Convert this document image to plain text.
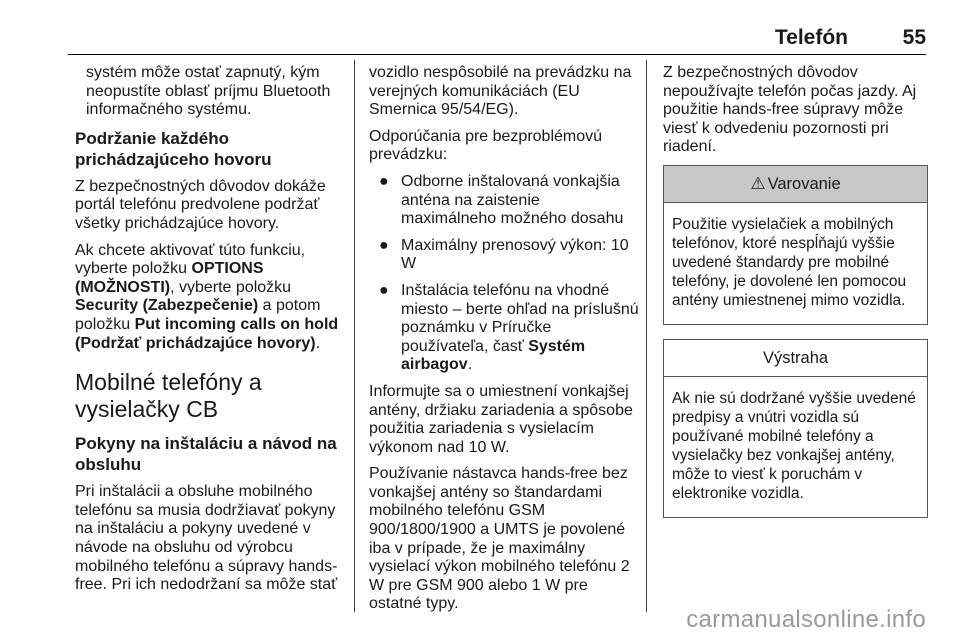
Telefón	55

systém môže ostať zapnutý, kým neopustíte oblasť príjmu Bluetooth informačného systému.

Podržanie každého prichádzajúceho hovoru

Z bezpečnostných dôvodov dokáže portál telefónu predvolene podržať všetky prichádzajúce hovory.

Ak chcete aktivovať túto funkciu, vyberte položku OPTIONS (MOŽNOSTI), vyberte položku Security (Zabezpečenie) a potom položku Put incoming calls on hold (Podržať prichádzajúce hovory).

Mobilné telefóny a vysielačky CB
Pokyny na inštaláciu a návod na obsluhu

Pri inštalácii a obsluhe mobilného telefónu sa musia dodržiavať pokyny na inštaláciu a pokyny uvedené v návode na obsluhu od výrobcu mobilného telefónu a súpravy hands-free. Pri ich nedodržaní sa môže stať

vozidlo nespôsobilé na prevádzku na verejných komunikáciách (EU Smernica 95/54/EG).

Odporúčania pre bezproblémovú prevádzku:

● Odborne inštalovaná vonkajšia anténa na zaistenie maximálneho možného dosahu
● Maximálny prenosový výkon: 10 W
● Inštalácia telefónu na vhodné miesto – berte ohľad na príslušnú poznámku v Príručke používateľa, časť Systém airbagov.

Informujte sa o umiestnení vonkajšej antény, držiaku zariadenia a spôsobe použitia zariadenia s vysielacím výkonom nad 10 W.

Používanie nástavca hands-free bez vonkajšej antény so štandardami mobilného telefónu GSM 900/1800/1900 a UMTS je povolené iba v prípade, že je maximálny vysielací výkon mobilného telefónu 2 W pre GSM 900 alebo 1 W pre ostatné typy.

Z bezpečnostných dôvodov nepoužívajte telefón počas jazdy. Aj použitie hands-free súpravy môže viesť k odvedeniu pozornosti pri riadení.

⚠ Varovanie
Použitie vysielačiek a mobilných telefónov, ktoré nespĺňajú vyššie uvedené štandardy pre mobilné telefóny, je dovolené len pomocou antény umiestnenej mimo vozidla.
Výstraha
Ak nie sú dodržané vyššie uvedené predpisy a vnútri vozidla sú používané mobilné telefóny a vysielačky bez vonkajšej antény, môže to viesť k poruchám v elektronike vozidla.
carmanualsonline.info
